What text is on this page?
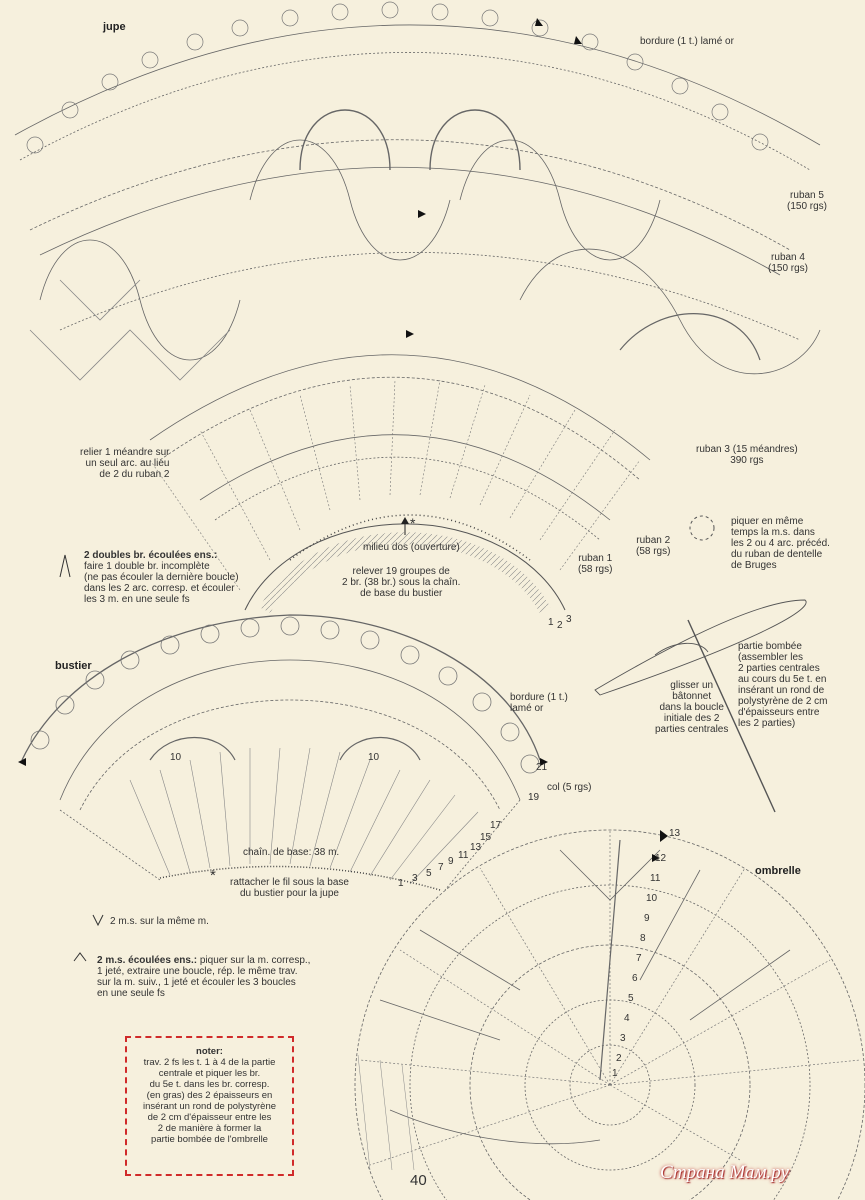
jupe
bustier
ombrelle
bordure (1 t.) lamé or
ruban 5
(150 rgs)
ruban 4
(150 rgs)
ruban 3 (15 méandres)
390 rgs
ruban 2
(58 rgs)
ruban 1
(58 rgs)
relier 1 méandre sur
un seul arc. au lieu
de 2 du ruban 2
milieu dos (ouverture)
relever 19 groupes de
2 br. (38 br.) sous la chaîn.
de base du bustier
piquer en même
temps la m.s. dans
les 2 ou 4 arc. précéd.
du ruban de dentelle
de Bruges
*
1 2
3
2 doubles br. écoulées ens.:
faire 1 double br. incomplète
(ne pas écouler la dernière boucle)
dans les 2 arc. corresp. et écouler
les 3 m. en une seule fs
2 m.s. sur la même m.
2 m.s. écoulées ens.: piquer sur la m. corresp.,
1 jeté, extraire une boucle, rép. le même trav.
sur la m. suiv., 1 jeté et écouler les 3 boucles
en une seule fs
bordure (1 t.)
lamé or
col (5 rgs)
chaîn. de base: 38 m.
rattacher le fil sous la base
du bustier pour la jupe
*
21
19
17
15
13
11
9
7
5
3
1
10	10
partie bombée
(assembler les
2 parties centrales
au cours du 5e t. en
insérant un rond de
polystyrène de 2 cm
d'épaisseurs entre
les 2 parties)
glisser un
bâtonnet
dans la boucle
initiale des 2
parties centrales
13
12
11
10
9
8
7
6
5
4
3
2
1
noter:
trav. 2 fs les t. 1 à 4 de la partie
centrale et piquer les br.
du 5e t. dans les br. corresp.
(en gras) des 2 épaisseurs en
insérant un rond de polystyrène
de 2 cm d'épaisseur entre les
2 de manière à former la
partie bombée de l'ombrelle
40	Страна Мам.ру
